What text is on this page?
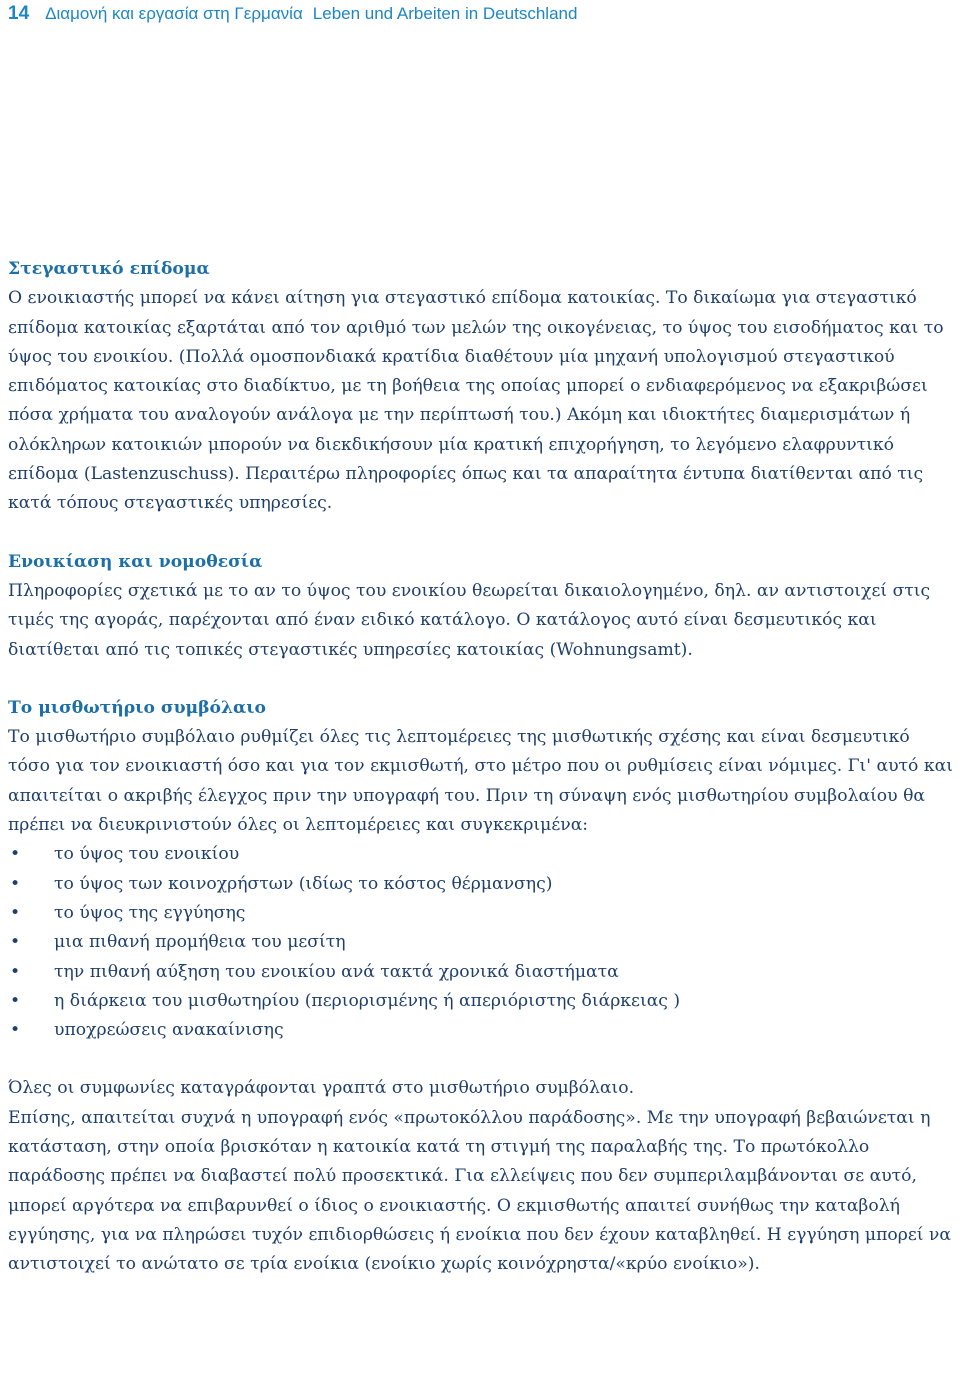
14 Διαμονή και εργασία στη Γερμανία Leben und Arbeiten in Deutschland

Στεγαστικό επίδομα

Ο ενοικιαστής μπορεί να κάνει αίτηση για στεγαστικό επίδομα κατοικίας. Το δικαίωμα για στεγαστικό επίδομα κατοικίας εξαρτάται από τον αριθμό των μελών της οικογένειας, το ύψος του εισοδήματος και το ύψος του ενοικίου. (Πολλά ομοσπονδιακά κρατίδια διαθέτουν μία μηχανή υπολογισμού στεγαστικού επιδόματος κατοικίας στο διαδίκτυο, με τη βοήθεια της οποίας μπορεί ο ενδιαφερόμενος να εξακριβώσει πόσα χρήματα του αναλογούν ανάλογα με την περίπτωσή του.) Ακόμη και ιδιοκτήτες διαμερισμάτων ή ολόκληρων κατοικιών μπορούν να διεκδικήσουν μία κρατική επιχορήγηση, το λεγόμενο ελαφρυντικό επίδομα (Lastenzuschuss). Περαιτέρω πληροφορίες όπως και τα απαραίτητα έντυπα διατίθενται από τις κατά τόπους στεγαστικές υπηρεσίες.

Ενοικίαση και νομοθεσία

Πληροφορίες σχετικά με το αν το ύψος του ενοικίου θεωρείται δικαιολογημένο, δηλ. αν αντιστοιχεί στις τιμές της αγοράς, παρέχονται από έναν ειδικό κατάλογο. Ο κατάλογος αυτό είναι δεσμευτικός και διατίθεται από τις τοπικές στεγαστικές υπηρεσίες κατοικίας (Wohnungsamt).

Το μισθωτήριο συμβόλαιο

Το μισθωτήριο συμβόλαιο ρυθμίζει όλες τις λεπτομέρειες της μισθωτικής σχέσης και είναι δεσμευτικό τόσο για τον ενοικιαστή όσο και για τον εκμισθωτή, στο μέτρο που οι ρυθμίσεις είναι νόμιμες. Γι' αυτό και απαιτείται ο ακριβής έλεγχος πριν την υπογραφή του. Πριν τη σύναψη ενός μισθωτηρίου συμβολαίου θα πρέπει να διευκρινιστούν όλες οι λεπτομέρειες και συγκεκριμένα:

• το ύψος του ενοικίου
• το ύψος των κοινοχρήστων (ιδίως το κόστος θέρμανσης)
• το ύψος της εγγύησης
• μια πιθανή προμήθεια του μεσίτη
• την πιθανή αύξηση του ενοικίου ανά τακτά χρονικά διαστήματα
• η διάρκεια του μισθωτηρίου (περιορισμένης ή απεριόριστης διάρκειας )
• υποχρεώσεις ανακαίνισης

Όλες οι συμφωνίες καταγράφονται γραπτά στο μισθωτήριο συμβόλαιο.

Επίσης, απαιτείται συχνά η υπογραφή ενός «πρωτοκόλλου παράδοσης». Με την υπογραφή βεβαιώνεται η κατάσταση, στην οποία βρισκόταν η κατοικία κατά τη στιγμή της παραλαβής της. Το πρωτόκολλο παράδοσης πρέπει να διαβαστεί πολύ προσεκτικά. Για ελλείψεις που δεν συμπεριλαμβάνονται σε αυτό, μπορεί αργότερα να επιβαρυνθεί ο ίδιος ο ενοικιαστής. Ο εκμισθωτής απαιτεί συνήθως την καταβολή εγγύησης, για να πληρώσει τυχόν επιδιορθώσεις ή ενοίκια που δεν έχουν καταβληθεί. Η εγγύηση μπορεί να αντιστοιχεί το ανώτατο σε τρία ενοίκια (ενοίκιο χωρίς κοινόχρηστα/«κρύο ενοίκιο»).
